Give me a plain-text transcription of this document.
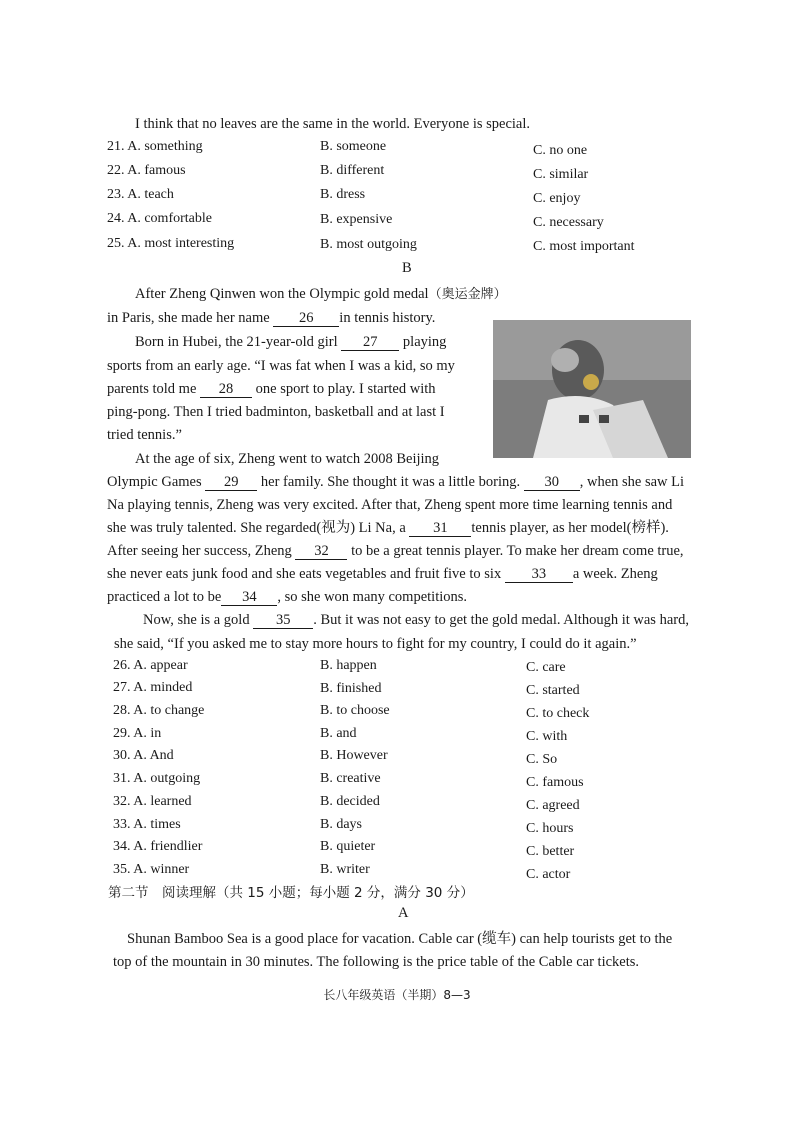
I think that no leaves are the same in the world. Everyone is special.
21. A. something	B. someone	C. no one
22. A. famous	B. different	C. similar
23. A. teach	B. dress	C. enjoy
24. A. comfortable	B. expensive	C. necessary
25. A. most interesting	B. most outgoing	C. most important
B
After Zheng Qinwen won the Olympic gold medal（奥运金牌）
in Paris, she made her name 26 in tennis history.
Born in Hubei, the 21-year-old girl 27 playing
sports from an early age. “I was fat when I was a kid, so my
parents told me 28 one sport to play. I started with
ping-pong. Then I tried badminton, basketball and at last I
tried tennis.”
At the age of six, Zheng went to watch 2008 Beijing
Olympic Games 29 her family. She thought it was a little boring. 30 , when she saw Li
Na playing tennis, Zheng was very excited. After that, Zheng spent more time learning tennis and
she was truly talented. She regarded(视为) Li Na, a 31 tennis player, as her model(榜样).
After seeing her success, Zheng 32 to be a great tennis player. To make her dream come true,
she never eats junk food and she eats vegetables and fruit five to six 33 a week. Zheng
practiced a lot to be 34 , so she won many competitions.
Now, she is a gold 35 . But it was not easy to get the gold medal. Although it was hard,
she said, “If you asked me to stay more hours to fight for my country, I could do it again.”
26. A. appear	B. happen	C. care
27. A. minded	B. finished	C. started
28. A. to change	B. to choose	C. to check
29. A. in	B. and	C. with
30. A. And	B. However	C. So
31. A. outgoing	B. creative	C. famous
32. A. learned	B. decided	C. agreed
33. A. times	B. days	C. hours
34. A. friendlier	B. quieter	C. better
35. A. winner	B. writer	C. actor
第二节　阅读理解（共 15 小题；每小题 2 分，满分 30 分）
A
Shunan Bamboo Sea is a good place for vacation. Cable car (缆车) can help tourists get to the
top of the mountain in 30 minutes. The following is the price table of the Cable car tickets.
长八年级英语（半期）8—3
